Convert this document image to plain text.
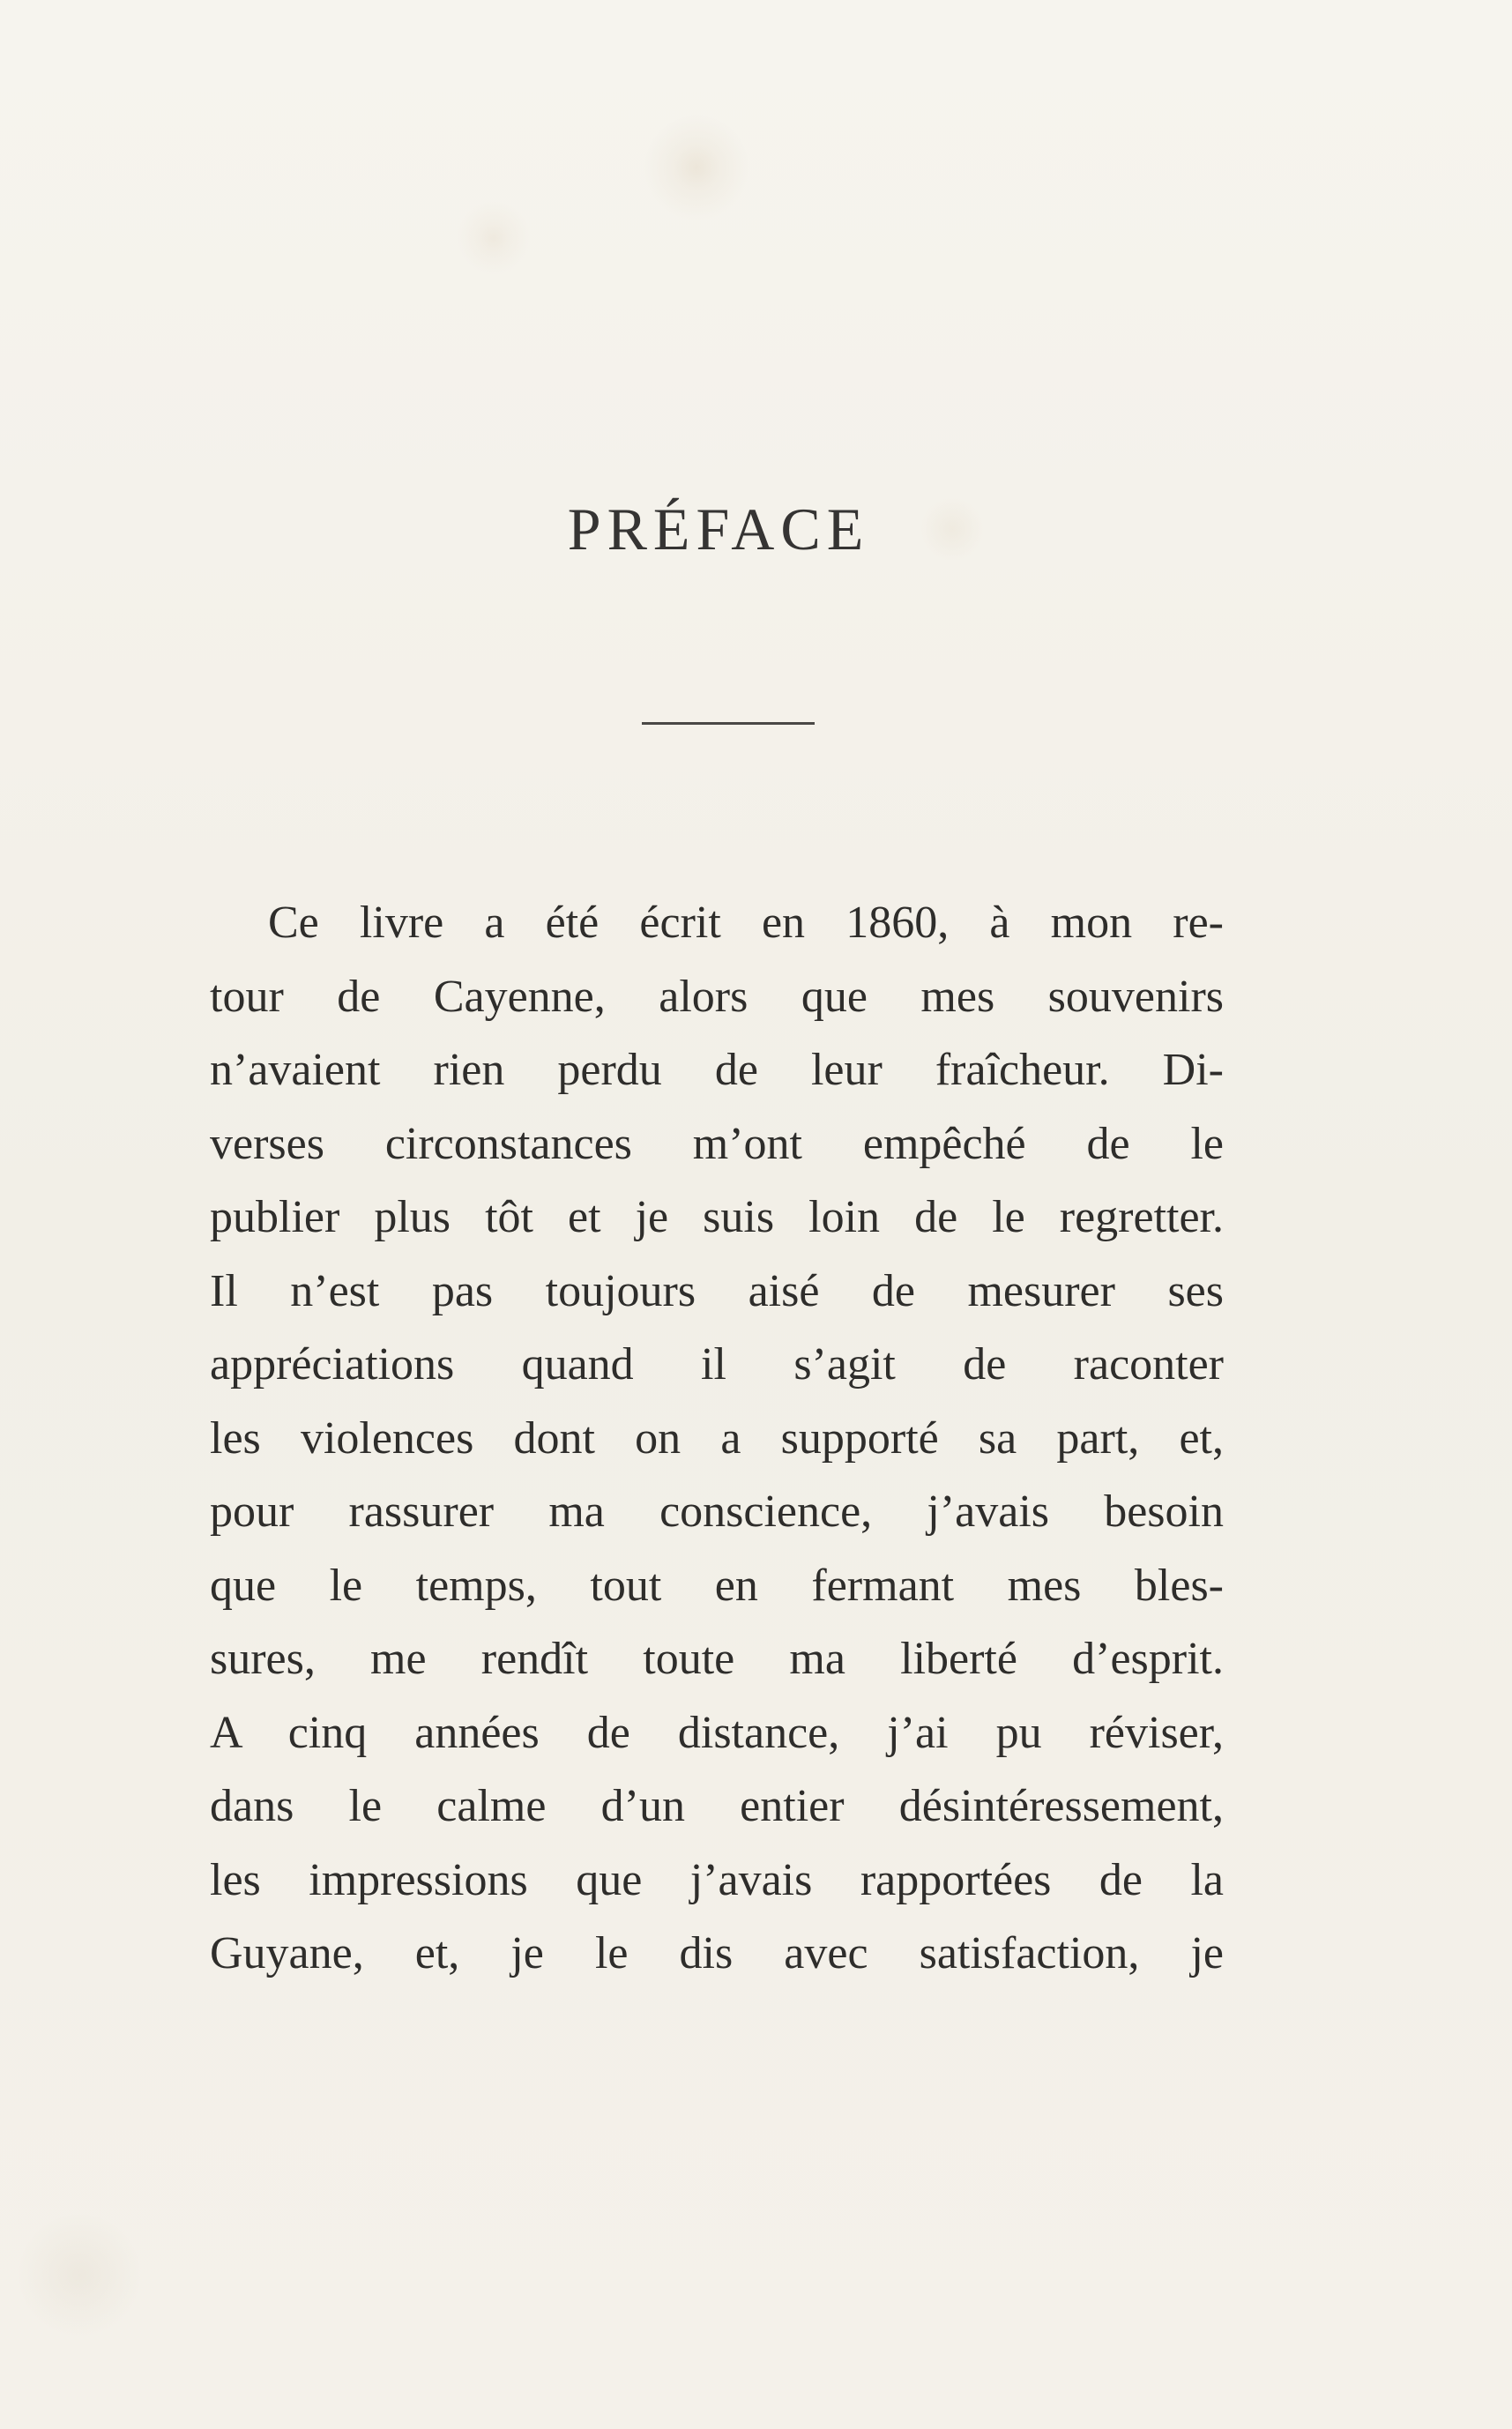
PRÉFACE
Ce livre a été écrit en 1860, à mon re-
tour de Cayenne, alors que mes souvenirs
n’avaient rien perdu de leur fraîcheur. Di-
verses circonstances m’ont empêché de le
publier plus tôt et je suis loin de le regretter.
Il n’est pas toujours aisé de mesurer ses
appréciations quand il s’agit de raconter
les violences dont on a supporté sa part, et,
pour rassurer ma conscience, j’avais besoin
que le temps, tout en fermant mes bles-
sures, me rendît toute ma liberté d’esprit.
A cinq années de distance, j’ai pu réviser,
dans le calme d’un entier désintéressement,
les impressions que j’avais rapportées de la
Guyane, et, je le dis avec satisfaction, je
